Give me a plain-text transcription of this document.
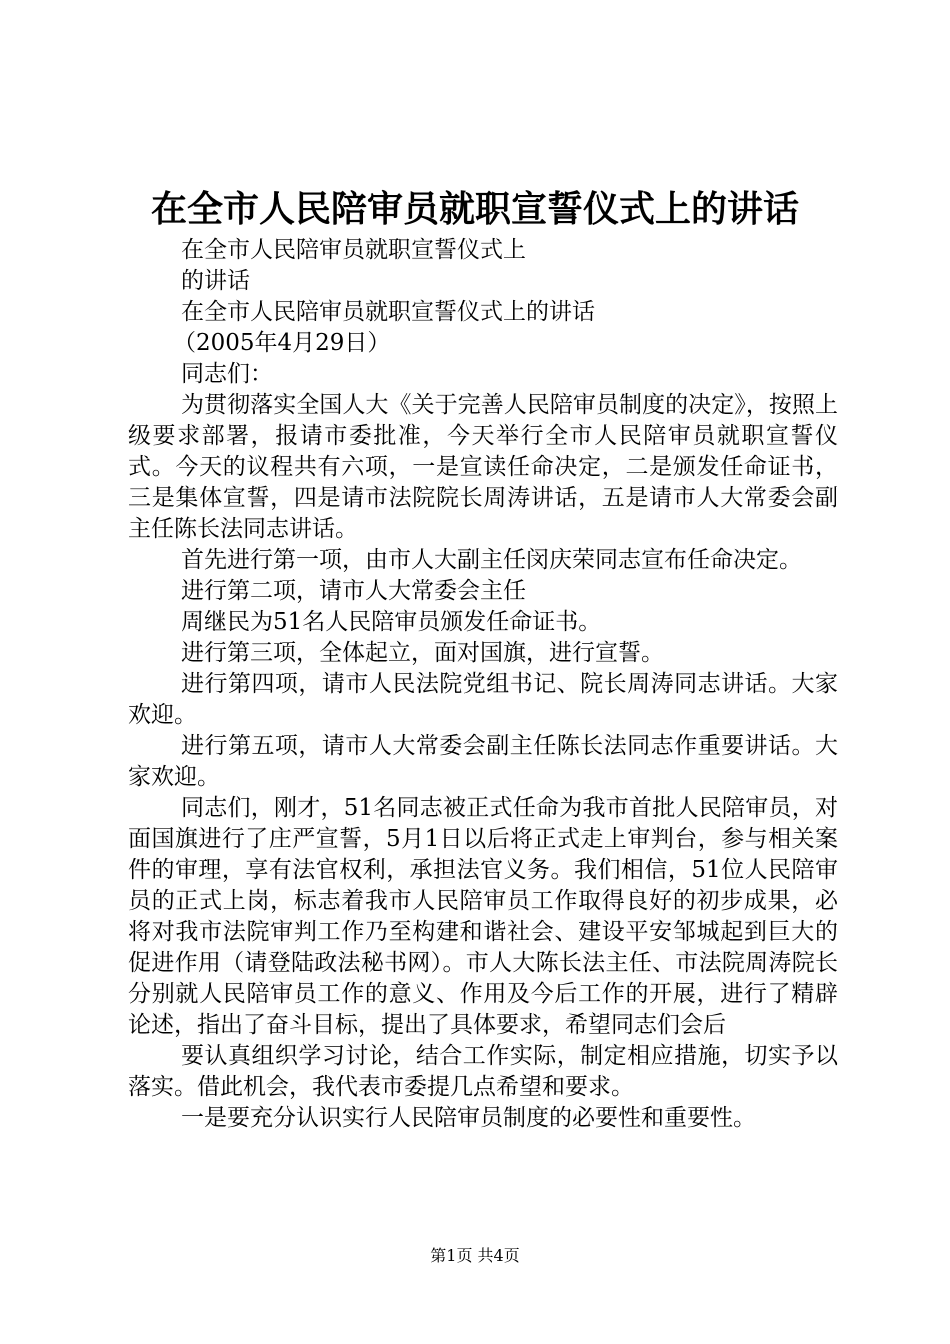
在全市人民陪审员就职宣誓仪式上的讲话
在全市人民陪审员就职宣誓仪式上
的讲话
在全市人民陪审员就职宣誓仪式上的讲话
（2005年4月29日）
同志们：

为贯彻落实全国人大《关于完善人民陪审员制度的决定》，按照上级要求部署，报请市委批准，今天举行全市人民陪审员就职宣誓仪式。今天的议程共有六项，一是宣读任命决定，二是颁发任命证书，三是集体宣誓，四是请市法院院长周涛讲话，五是请市人大常委会副主任陈长法同志讲话。

首先进行第一项，由市人大副主任闵庆荣同志宣布任命决定。

进行第二项，请市人大常委会主任

周继民为51名人民陪审员颁发任命证书。

进行第三项，全体起立，面对国旗，进行宣誓。

进行第四项，请市人民法院党组书记、院长周涛同志讲话。大家欢迎。

进行第五项，请市人大常委会副主任陈长法同志作重要讲话。大家欢迎。

同志们，刚才，51名同志被正式任命为我市首批人民陪审员，对面国旗进行了庄严宣誓，5月1日以后将正式走上审判台，参与相关案件的审理，享有法官权利，承担法官义务。我们相信，51位人民陪审员的正式上岗，标志着我市人民陪审员工作取得良好的初步成果，必将对我市法院审判工作乃至构建和谐社会、建设平安邹城起到巨大的促进作用（请登陆政法秘书网）。市人大陈长法主任、市法院周涛院长分别就人民陪审员工作的意义、作用及今后工作的开展，进行了精辟论述，指出了奋斗目标，提出了具体要求，希望同志们会后

要认真组织学习讨论，结合工作实际，制定相应措施，切实予以落实。借此机会，我代表市委提几点希望和要求。

一是要充分认识实行人民陪审员制度的必要性和重要性。

第1页 共4页
